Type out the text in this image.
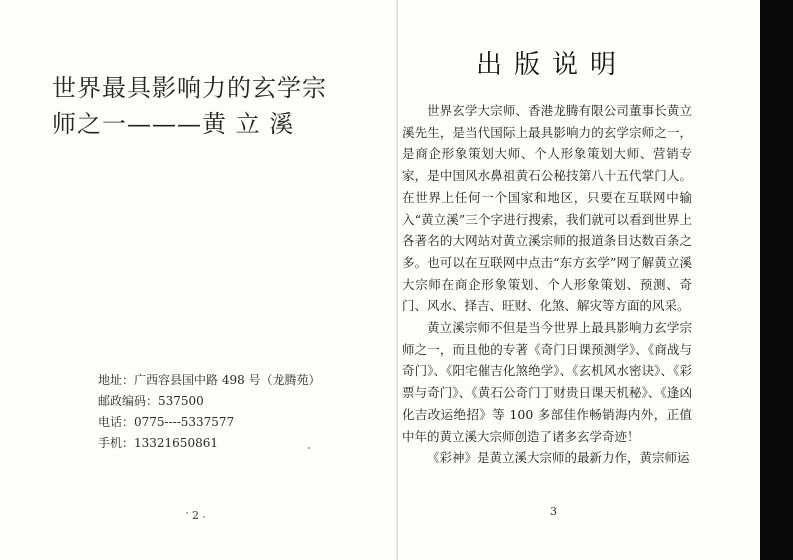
世界最具影响力的玄学宗
师之一———黄 立 溪
地址：广西容县国中路 498 号（龙腾苑）
邮政编码：537500
电话：0775----5337577
手机：13321650861
2	3
出版说明

世界玄学大宗师、香港龙腾有限公司董事长黄立溪先生，是当代国际上最具影响力的玄学宗师之一，是商企形象策划大师、个人形象策划大师、营销专家，是中国风水鼻祖黄石公秘技第八十五代掌门人。在世界上任何一个国家和地区，只要在互联网中输入“黄立溪”三个字进行搜索，我们就可以看到世界上各著名的大网站对黄立溪宗师的报道条目达数百条之多。也可以在互联网中点击“东方玄学”网了解黄立溪大宗师在商企形象策划、个人形象策划、预测、奇门、风水、择吉、旺财、化煞、解灾等方面的风采。

黄立溪宗师不但是当今世界上最具影响力玄学宗师之一，而且他的专著《奇门日课预测学》、《商战与奇门》、《阳宅催吉化煞绝学》、《玄机风水密诀》、《彩票与奇门》、《黄石公奇门丁财贵日课天机秘》、《逢凶化吉改运绝招》等 100 多部佳作畅销海内外，正值中年的黄立溪大宗师创造了诸多玄学奇迹！

《彩神》是黄立溪大宗师的最新力作，黄宗师运
